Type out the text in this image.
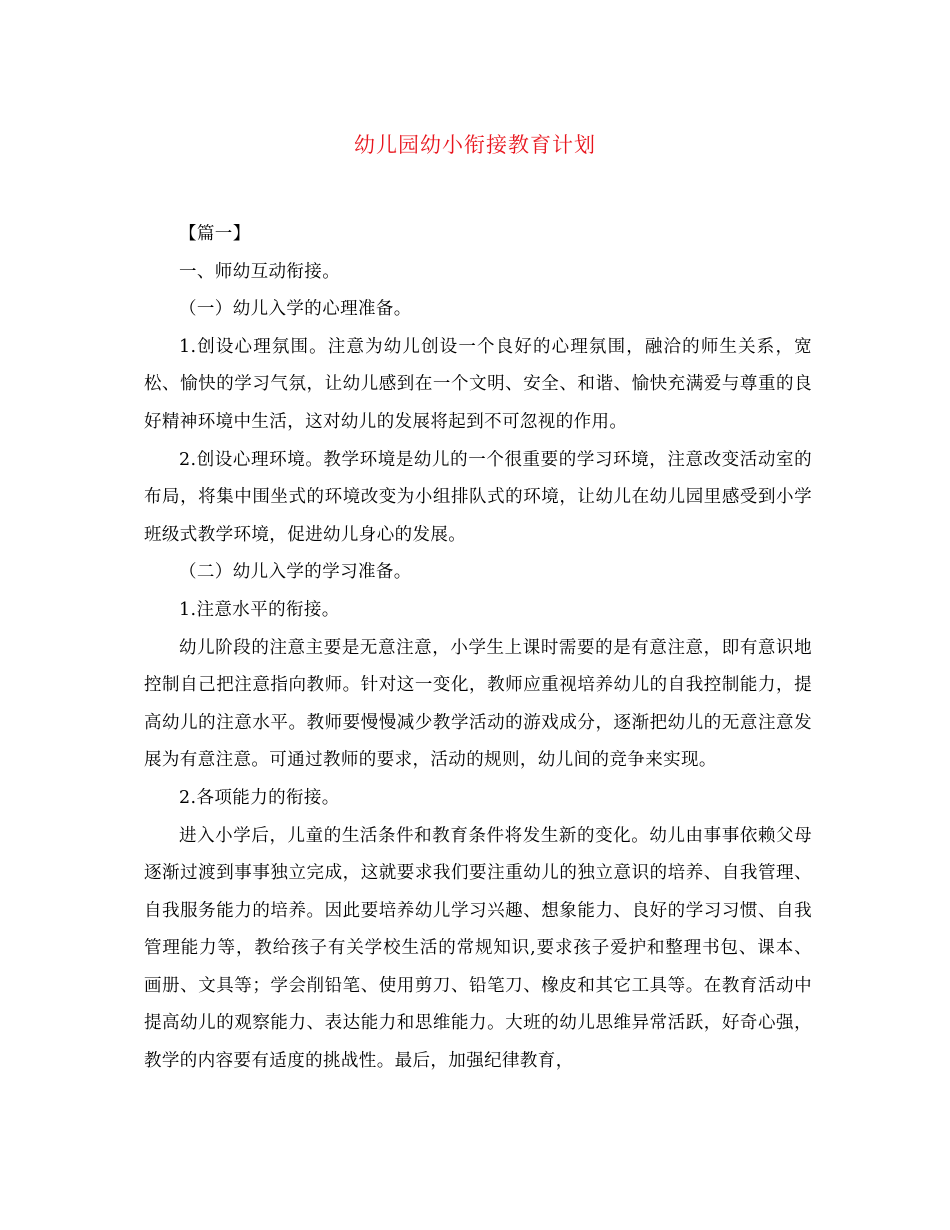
幼儿园幼小衔接教育计划

【篇一】

一、师幼互动衔接。

（一）幼儿入学的心理准备。

1.创设心理氛围。注意为幼儿创设一个良好的心理氛围，融洽的师生关系，宽松、愉快的学习气氛，让幼儿感到在一个文明、安全、和谐、愉快充满爱与尊重的良好精神环境中生活，这对幼儿的发展将起到不可忽视的作用。

2.创设心理环境。教学环境是幼儿的一个很重要的学习环境，注意改变活动室的布局，将集中围坐式的环境改变为小组排队式的环境，让幼儿在幼儿园里感受到小学班级式教学环境，促进幼儿身心的发展。

（二）幼儿入学的学习准备。

1.注意水平的衔接。

幼儿阶段的注意主要是无意注意，小学生上课时需要的是有意注意，即有意识地控制自己把注意指向教师。针对这一变化，教师应重视培养幼儿的自我控制能力，提高幼儿的注意水平。教师要慢慢减少教学活动的游戏成分，逐渐把幼儿的无意注意发展为有意注意。可通过教师的要求，活动的规则，幼儿间的竞争来实现。

2.各项能力的衔接。

进入小学后，儿童的生活条件和教育条件将发生新的变化。幼儿由事事依赖父母逐渐过渡到事事独立完成，这就要求我们要注重幼儿的独立意识的培养、自我管理、自我服务能力的培养。因此要培养幼儿学习兴趣、想象能力、良好的学习习惯、自我管理能力等，教给孩子有关学校生活的常规知识,要求孩子爱护和整理书包、课本、画册、文具等；学会削铅笔、使用剪刀、铅笔刀、橡皮和其它工具等。在教育活动中提高幼儿的观察能力、表达能力和思维能力。大班的幼儿思维异常活跃，好奇心强，教学的内容要有适度的挑战性。最后，加强纪律教育，
